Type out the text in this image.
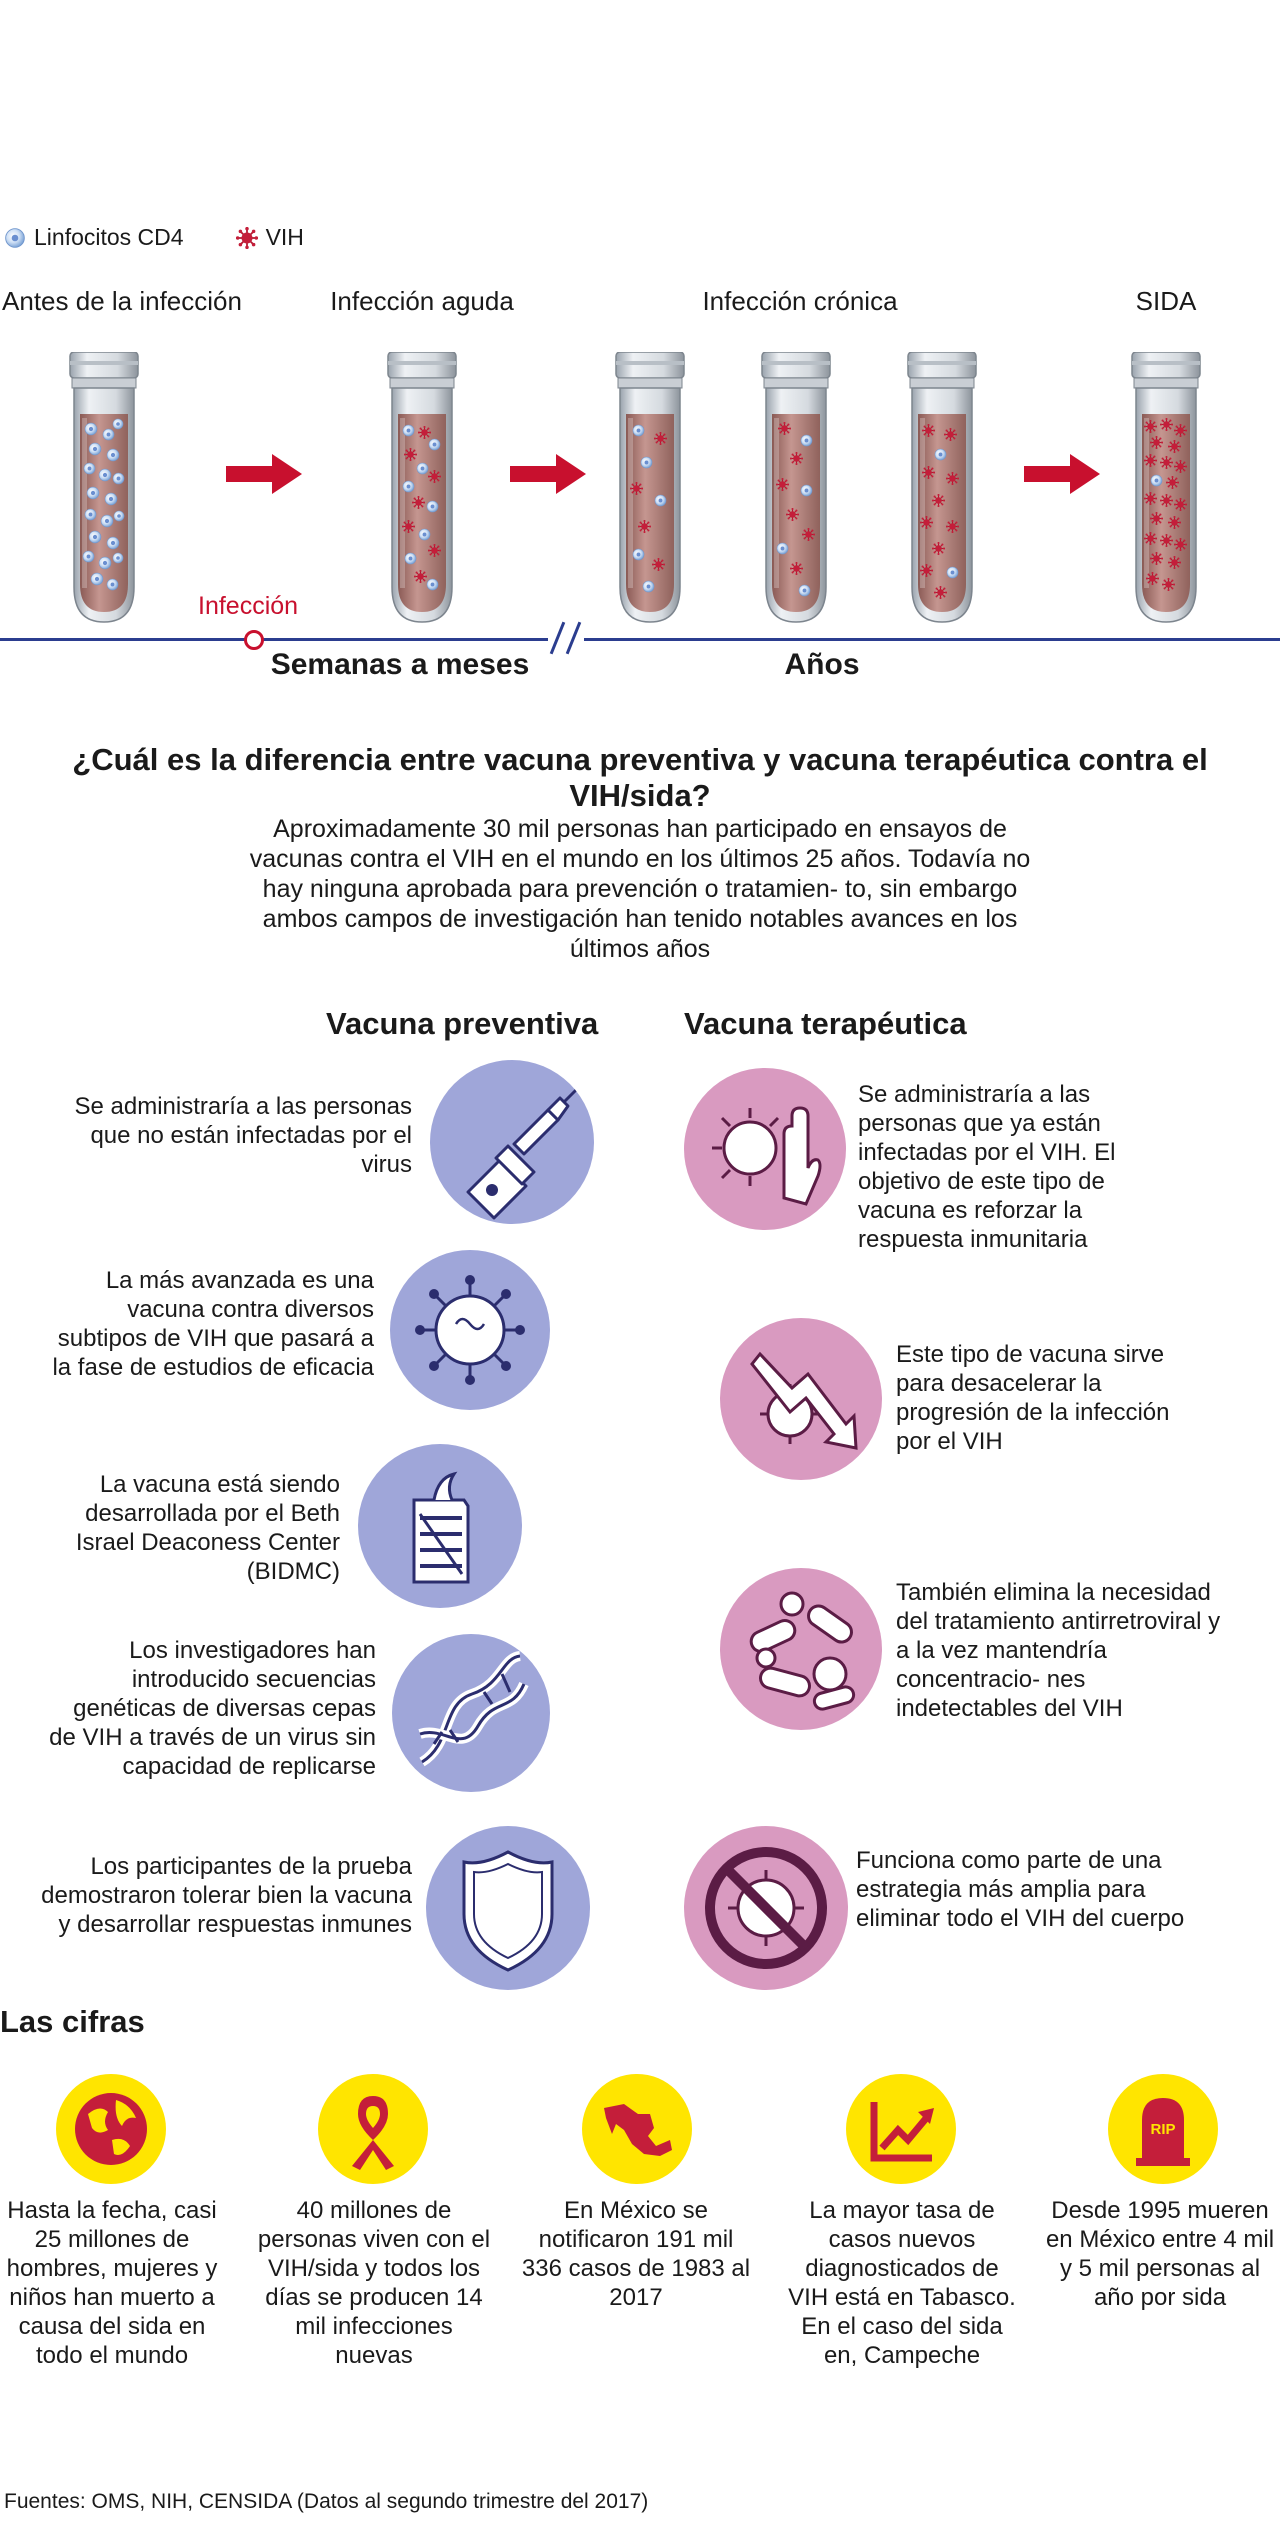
Linfocitos CD4	VIH
Antes de la infección	Infección aguda	Infección crónica	SIDA
Infección
Semanas a meses	Años
¿Cuál es la diferencia entre vacuna preventiva y vacuna terapéutica contra el VIH/sida?
Aproximadamente 30 mil personas han participado en ensayos de vacunas contra el VIH en el mundo en los últimos 25 años. Todavía no hay ninguna aprobada para prevención o tratamien- to, sin embargo ambos campos de investigación han tenido notables avances en los últimos años
Vacuna preventiva	Vacuna terapéutica
Se administraría a las personas que no están infectadas por el virus
La más avanzada es una vacuna contra diversos subtipos de VIH que pasará a la fase de estudios de eficacia
La vacuna está siendo desarrollada por el Beth Israel Deaconess Center (BIDMC)
Los investigadores han introducido secuencias genéticas de diversas cepas de VIH a través de un virus sin capacidad de replicarse
Los participantes de la prueba demostraron tolerar bien la vacuna y desarrollar respuestas inmunes
Se administraría a las personas que ya están infectadas por el VIH. El objetivo de este tipo de vacuna es reforzar la respuesta inmunitaria
Este tipo de vacuna sirve para desacelerar la progresión de la infección por el VIH
También elimina la necesidad del tratamiento antirretroviral y a la vez mantendría concentracio- nes indetectables del VIH
Funciona como parte de una estrategia más amplia para eliminar todo el VIH del cuerpo
Las cifras
RIP
Hasta la fecha, casi 25 millones de hombres, mujeres y niños han muerto a causa del sida en todo el mundo
40 millones de personas viven con el VIH/sida y todos los días se producen 14 mil infecciones nuevas
En México se notificaron 191 mil 336 casos de 1983 al 2017
La mayor tasa de casos nuevos diagnosticados de VIH está en Tabasco. En el caso del sida en, Campeche
Desde 1995 mueren en México entre 4 mil y 5 mil personas al año por sida
Fuentes: OMS, NIH, CENSIDA (Datos al segundo trimestre del 2017)
